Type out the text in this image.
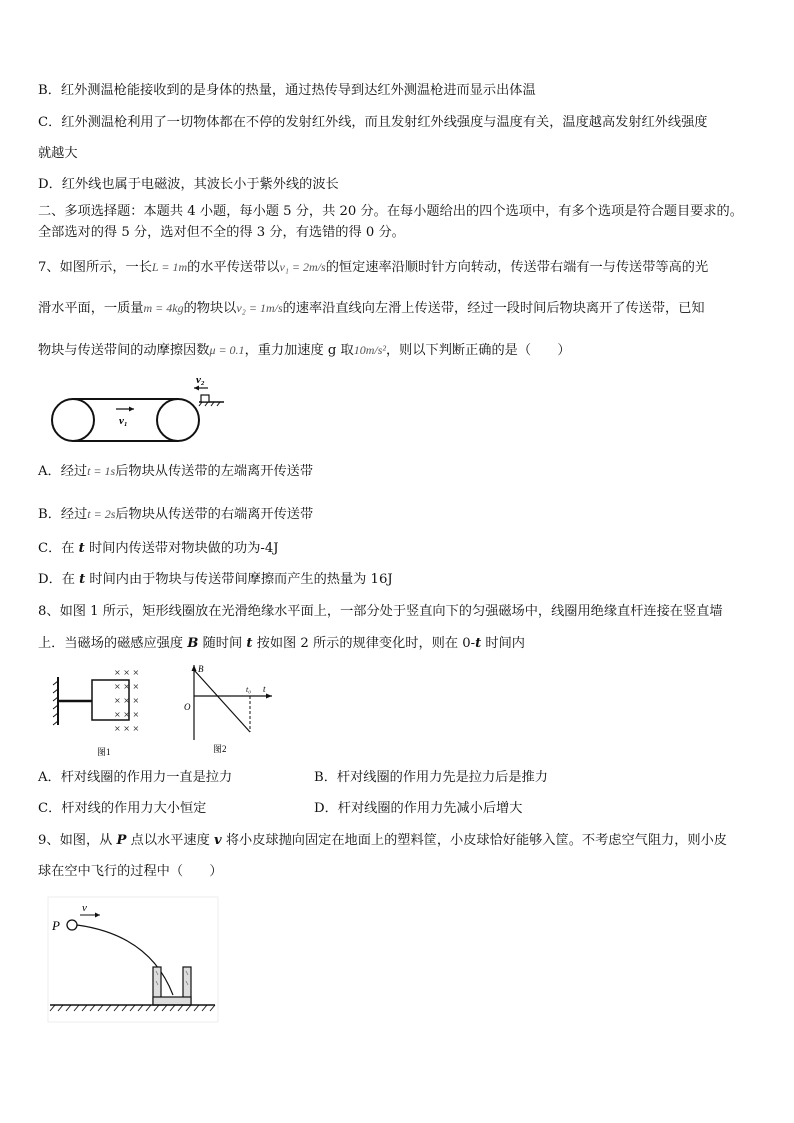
B．红外测温枪能接收到的是身体的热量，通过热传导到达红外测温枪进而显示出体温
C．红外测温枪利用了一切物体都在不停的发射红外线，而且发射红外线强度与温度有关，温度越高发射红外线强度
就越大
D．红外线也属于电磁波，其波长小于紫外线的波长
二、多项选择题：本题共 4 小题，每小题 5 分，共 20 分。在每小题给出的四个选项中，有多个选项是符合题目要求的。
全部选对的得 5 分，选对但不全的得 3 分，有选错的得 0 分。
7、如图所示，一长L = 1m的水平传送带以v₁ = 2m/s的恒定速率沿顺时针方向转动，传送带右端有一与传送带等高的光
滑水平面，一质量m = 4kg的物块以v₂ = 1m/s的速率沿直线向左滑上传送带，经过一段时间后物块离开了传送带，已知
物块与传送带间的动摩擦因数μ = 0.1，重力加速度 g 取10m/s²，则以下判断正确的是（　　）
v₂
v₁
A．经过t = 1s后物块从传送带的左端离开传送带
B．经过t = 2s后物块从传送带的右端离开传送带
C．在 t 时间内传送带对物块做的功为-4J
D．在 t 时间内由于物块与传送带间摩擦而产生的热量为 16J
8、如图 1 所示，矩形线圈放在光滑绝缘水平面上，一部分处于竖直向下的匀强磁场中，线圈用绝缘直杆连接在竖直墙
上．当磁场的磁感应强度 B 随时间 t 按如图 2 所示的规律变化时，则在 0-t 时间内
× × ×
× × ×
× × ×
× × ×
× × ×
图1
B
O
t₀ t
图2
A．杆对线圈的作用力一直是拉力	B．杆对线圈的作用力先是拉力后是推力
C．杆对线的作用力大小恒定	D．杆对线圈的作用力先减小后增大
9、如图，从 P 点以水平速度 v 将小皮球抛向固定在地面上的塑料筐，小皮球恰好能够入筐。不考虑空气阻力，则小皮
球在空中飞行的过程中（　　）
P
v
